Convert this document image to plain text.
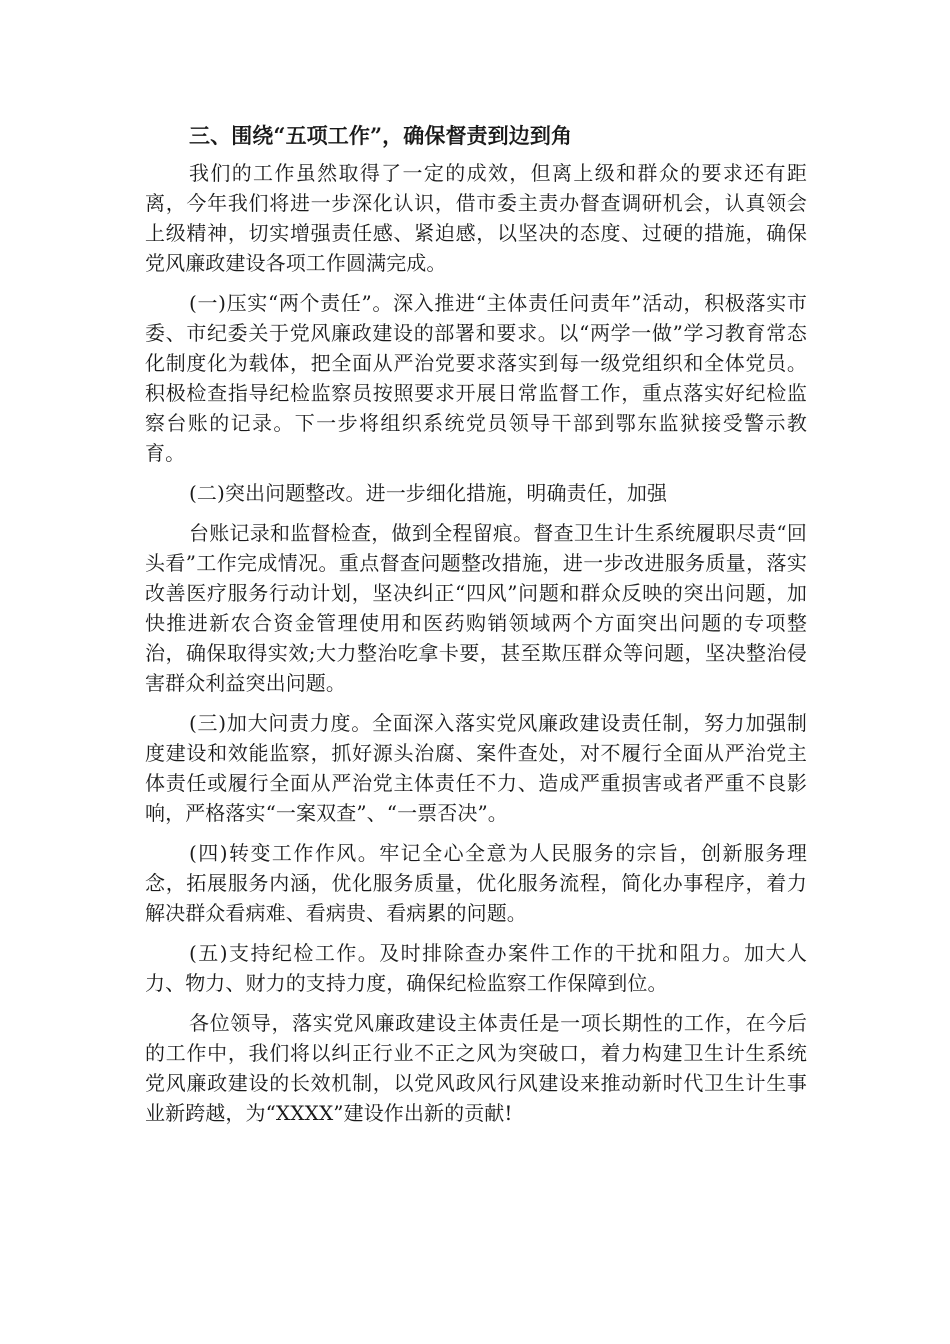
三、围绕“五项工作”，确保督责到边到角

我们的工作虽然取得了一定的成效，但离上级和群众的要求还有距离，今年我们将进一步深化认识，借市委主责办督查调研机会，认真领会上级精神，切实增强责任感、紧迫感，以坚决的态度、过硬的措施，确保党风廉政建设各项工作圆满完成。

(一)压实“两个责任”。深入推进“主体责任问责年”活动，积极落实市委、市纪委关于党风廉政建设的部署和要求。以“两学一做”学习教育常态化制度化为载体，把全面从严治党要求落实到每一级党组织和全体党员。积极检查指导纪检监察员按照要求开展日常监督工作，重点落实好纪检监察台账的记录。下一步将组织系统党员领导干部到鄂东监狱接受警示教育。

(二)突出问题整改。进一步细化措施，明确责任，加强

台账记录和监督检查，做到全程留痕。督查卫生计生系统履职尽责“回头看”工作完成情况。重点督查问题整改措施，进一步改进服务质量，落实改善医疗服务行动计划，坚决纠正“四风”问题和群众反映的突出问题，加快推进新农合资金管理使用和医药购销领域两个方面突出问题的专项整治，确保取得实效;大力整治吃拿卡要，甚至欺压群众等问题，坚决整治侵害群众利益突出问题。

(三)加大问责力度。全面深入落实党风廉政建设责任制，努力加强制度建设和效能监察，抓好源头治腐、案件查处，对不履行全面从严治党主体责任或履行全面从严治党主体责任不力、造成严重损害或者严重不良影响，严格落实“一案双查”、“一票否决”。

(四)转变工作作风。牢记全心全意为人民服务的宗旨，创新服务理念，拓展服务内涵，优化服务质量，优化服务流程，简化办事程序，着力解决群众看病难、看病贵、看病累的问题。

(五)支持纪检工作。及时排除查办案件工作的干扰和阻力。加大人力、物力、财力的支持力度，确保纪检监察工作保障到位。

各位领导，落实党风廉政建设主体责任是一项长期性的工作，在今后的工作中，我们将以纠正行业不正之风为突破口，着力构建卫生计生系统党风廉政建设的长效机制，以党风政风行风建设来推动新时代卫生计生事业新跨越，为“XXXX”建设作出新的贡献!
